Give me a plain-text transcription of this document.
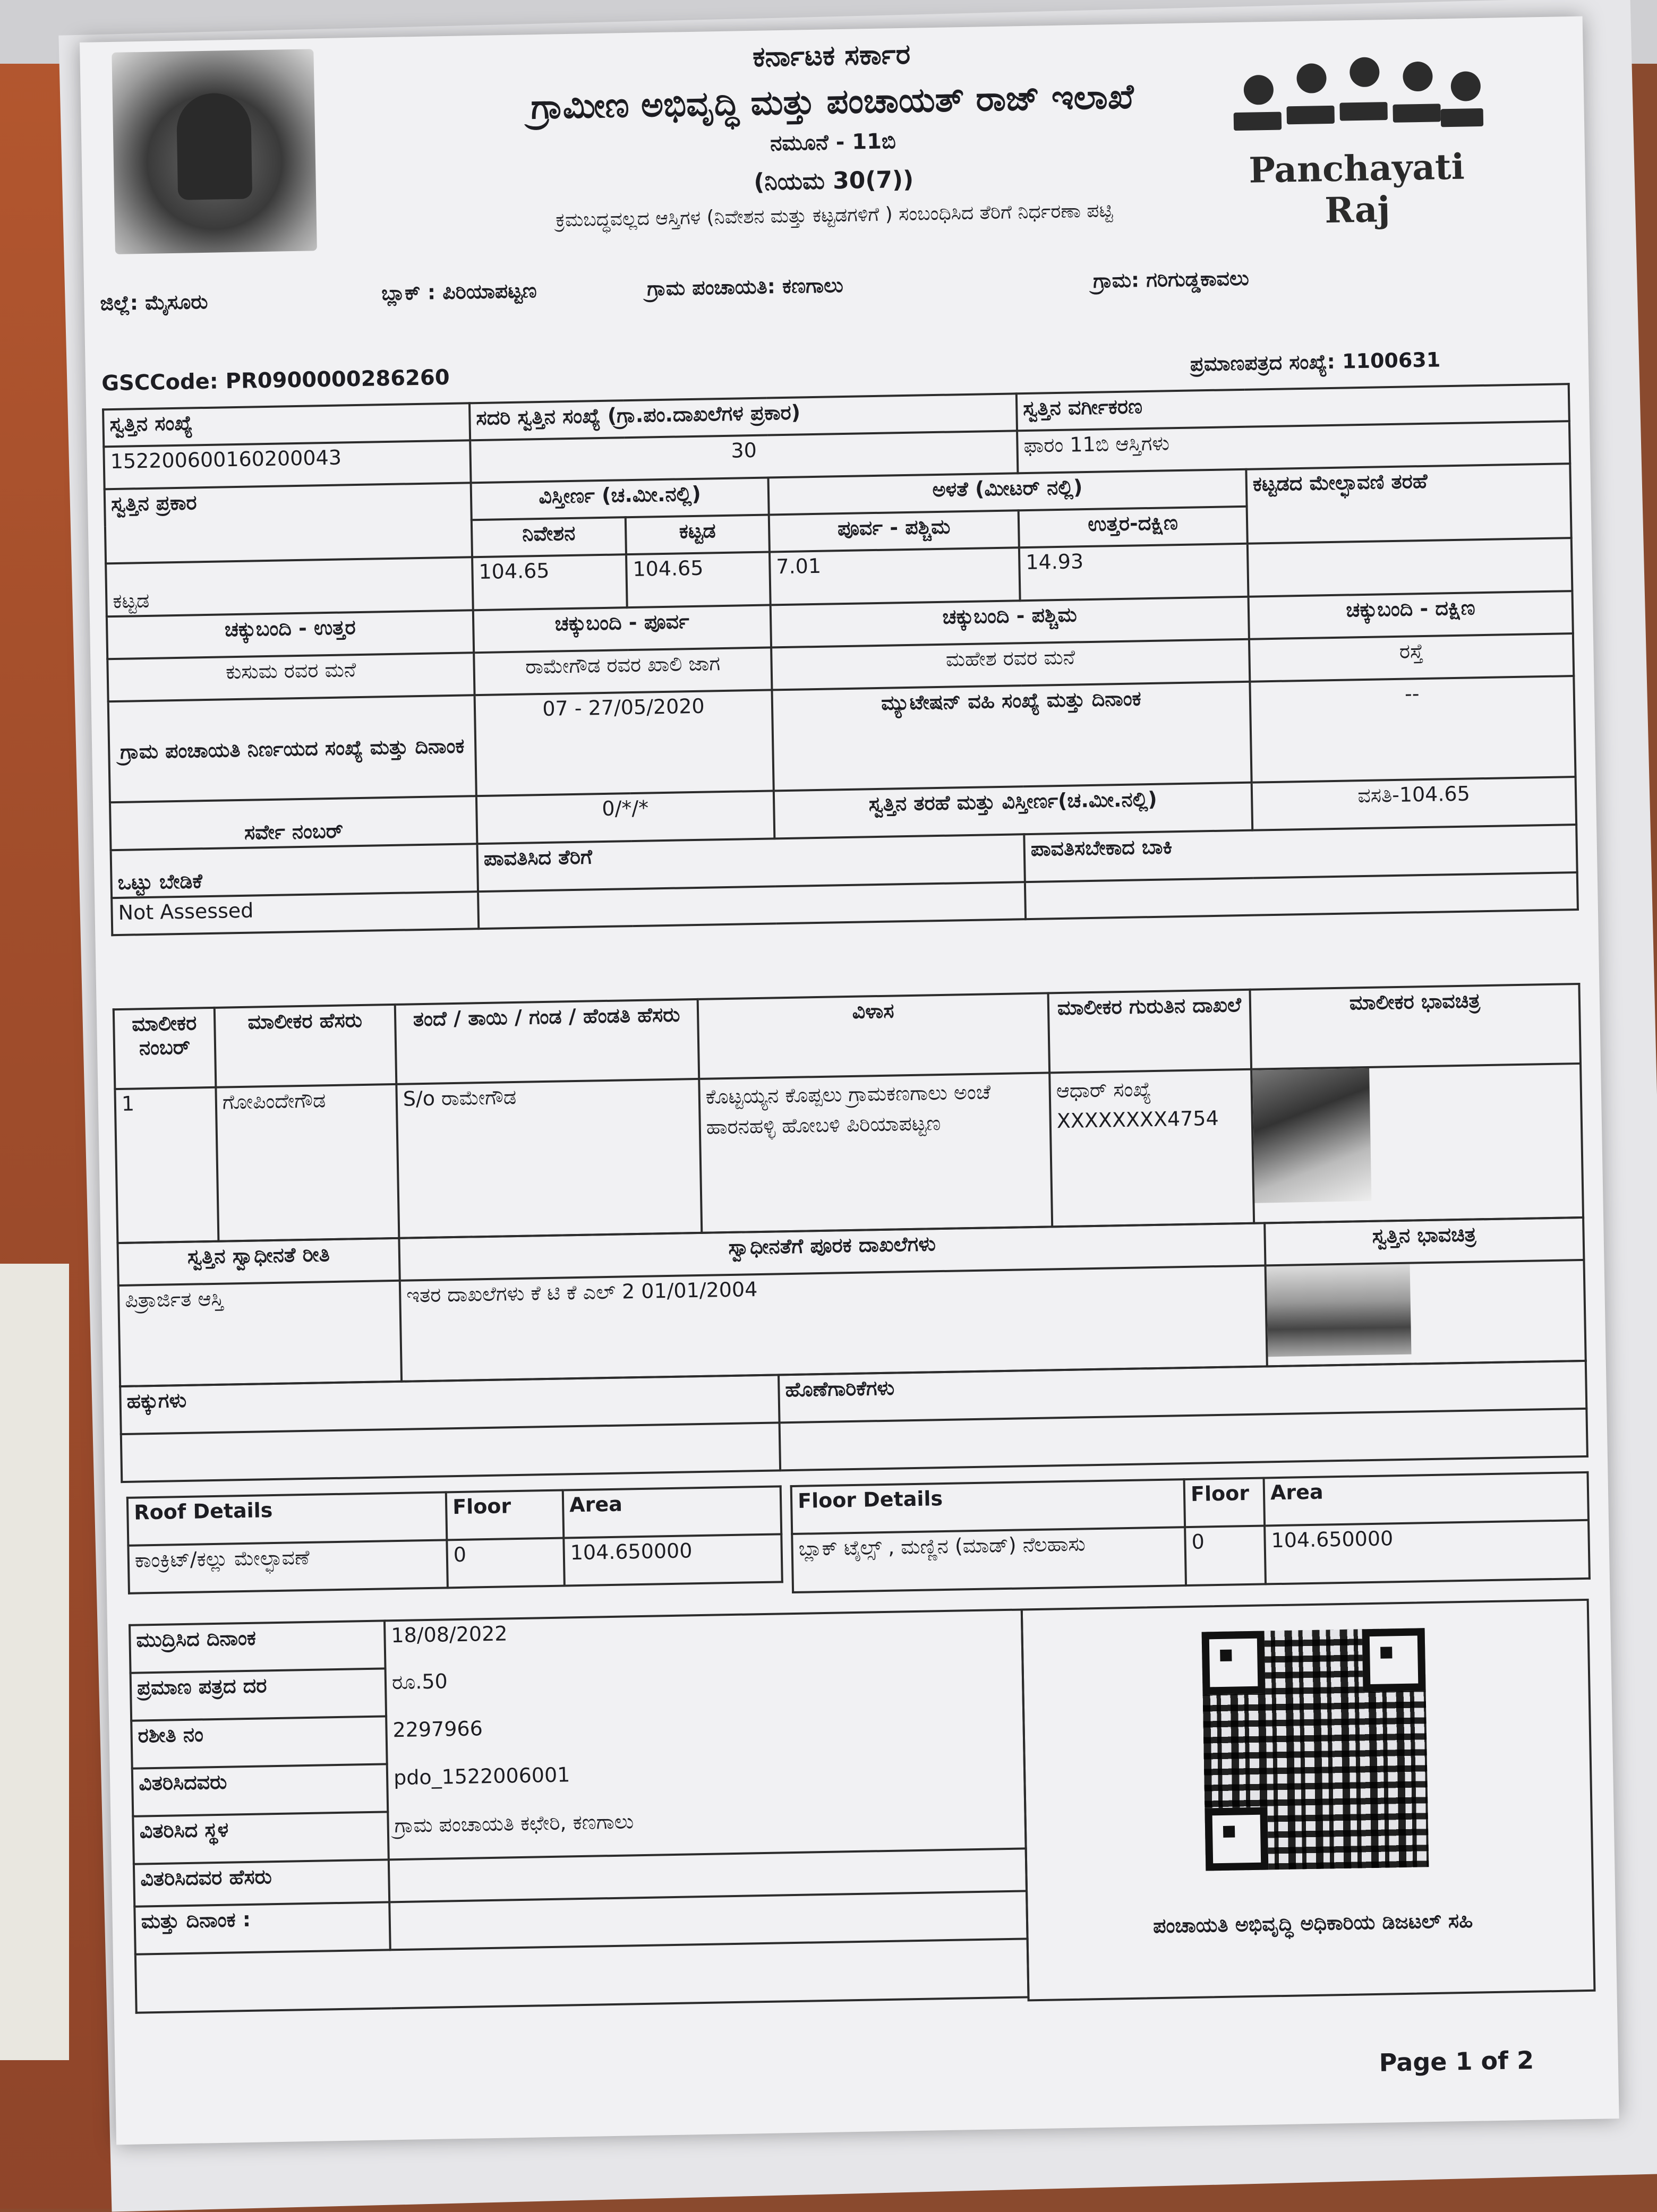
ಕರ್ನಾಟಕ ಸರ್ಕಾರ
ಗ್ರಾಮೀಣ ಅಭಿವೃದ್ಧಿ ಮತ್ತು ಪಂಚಾಯತ್ ರಾಜ್ ಇಲಾಖೆ
ನಮೂನೆ - 11ಬಿ
(ನಿಯಮ 30(7))
ಕ್ರಮಬದ್ಧವಲ್ಲದ ಆಸ್ತಿಗಳ (ನಿವೇಶನ ಮತ್ತು ಕಟ್ಟಡಗಳಿಗೆ ) ಸಂಬಂಧಿಸಿದ ತೆರಿಗೆ ನಿರ್ಧರಣಾ ಪಟ್ಟಿ
Panchayati Raj
ಜಿಲ್ಲೆ: ಮೈಸೂರು	ಬ್ಲಾಕ್ : ಪಿರಿಯಾಪಟ್ಟಣ	ಗ್ರಾಮ ಪಂಚಾಯತಿ: ಕಣಗಾಲು	ಗ್ರಾಮ: ಗರಿಗುಡ್ಡಕಾವಲು
GSCCode: PR0900000286260
ಪ್ರಮಾಣಪತ್ರದ ಸಂಖ್ಯೆ: 1100631
ಸ್ವತ್ತಿನ ಸಂಖ್ಯೆ	ಸದರಿ ಸ್ವತ್ತಿನ ಸಂಖ್ಯೆ (ಗ್ರಾ.ಪಂ.ದಾಖಲೆಗಳ ಪ್ರಕಾರ)			ಸ್ವತ್ತಿನ ವರ್ಗೀಕರಣ	
152200600160200043	30			ಫಾರಂ 11ಬಿ ಆಸ್ತಿಗಳು	
ಸ್ವತ್ತಿನ ಪ್ರಕಾರ	ವಿಸ್ತೀರ್ಣ (ಚ.ಮೀ.ನಲ್ಲಿ)		ಅಳತೆ (ಮೀಟರ್ ನಲ್ಲಿ)		ಕಟ್ಟಡದ ಮೇಲ್ಛಾವಣಿ ತರಹೆ
	ನಿವೇಶನ	ಕಟ್ಟಡ	ಪೂರ್ವ - ಪಶ್ಚಿಮ	ಉತ್ತರ-ದಕ್ಷಿಣ	
ಕಟ್ಟಡ	104.65	104.65	7.01	14.93	
ಚಕ್ಕುಬಂದಿ - ಉತ್ತರ	ಚಕ್ಕುಬಂದಿ - ಪೂರ್ವ		ಚಕ್ಕುಬಂದಿ - ಪಶ್ಚಿಮ		ಚಕ್ಕುಬಂದಿ - ದಕ್ಷಿಣ
ಕುಸುಮ ರವರ ಮನೆ	ರಾಮೇಗೌಡ ರವರ ಖಾಲಿ ಜಾಗ		ಮಹೇಶ ರವರ ಮನೆ		ರಸ್ತೆ
ಗ್ರಾಮ ಪಂಚಾಯತಿ ನಿರ್ಣಯದ ಸಂಖ್ಯೆ ಮತ್ತು ದಿನಾಂಕ	07 - 27/05/2020		ಮ್ಯುಟೇಷನ್ ವಹಿ ಸಂಖ್ಯೆ ಮತ್ತು ದಿನಾಂಕ		--
ಸರ್ವೇ ನಂಬರ್	0/*/*		ಸ್ವತ್ತಿನ ತರಹೆ ಮತ್ತು ವಿಸ್ತೀರ್ಣ(ಚ.ಮೀ.ನಲ್ಲಿ)		ವಸತಿ-104.65
ಒಟ್ಟು ಬೇಡಿಕೆ	ಪಾವತಿಸಿದ ತೆರಿಗೆ			ಪಾವತಿಸಬೇಕಾದ ಬಾಕಿ	
Not Assessed					
ಮಾಲೀಕರ ನಂಬರ್	ಮಾಲೀಕರ ಹೆಸರು	ತಂದೆ / ತಾಯಿ / ಗಂಡ / ಹೆಂಡತಿ ಹೆಸರು	ವಿಳಾಸ	ಮಾಲೀಕರ ಗುರುತಿನ ದಾಖಲೆ	ಮಾಲೀಕರ ಭಾವಚಿತ್ರ
1	ಗೋಪಿಂದೇಗೌಡ	S/o ರಾಮೇಗೌಡ	ಕೊಟ್ಟಯ್ಯನ ಕೊಪ್ಪಲು ಗ್ರಾಮಕಣಗಾಲು ಅಂಚೆ ಹಾರನಹಳ್ಳಿ ಹೋಬಳಿ ಪಿರಿಯಾಪಟ್ಟಣ	ಆಧಾರ್ ಸಂಖ್ಯೆ
XXXXXXXX4754	

ಸ್ವತ್ತಿನ ಸ್ವಾಧೀನತೆ ರೀತಿ	ಸ್ವಾಧೀನತೆಗೆ ಪೂರಕ ದಾಖಲೆಗಳು	ಸ್ವತ್ತಿನ ಭಾವಚಿತ್ರ
ಪಿತ್ರಾರ್ಜಿತ ಆಸ್ತಿ	ಇತರ ದಾಖಲೆಗಳು ಕೆ ಟಿ ಕೆ ಎಲ್ 2 01/01/2004	
ಹಕ್ಕುಗಳು	ಹೊಣೆಗಾರಿಕೆಗಳು

Roof Details	Floor	Area
ಕಾಂಕ್ರಿಟ್/ಕಲ್ಲು ಮೇಲ್ಛಾವಣೆ	0	104.650000
Floor Details	Floor	Area
ಬ್ಲಾಕ್ ಟೈಲ್ಸ್ , ಮಣ್ಣಿನ (ಮಾಡ್) ನೆಲಹಾಸು	0	104.650000
ಮುದ್ರಿಸಿದ ದಿನಾಂಕ	18/08/2022
ಪ್ರಮಾಣ ಪತ್ರದ ದರ	ರೂ.50
ರಶೀತಿ ನಂ	2297966
ವಿತರಿಸಿದವರು	pdo_1522006001
ವಿತರಿಸಿದ ಸ್ಥಳ	ಗ್ರಾಮ ಪಂಚಾಯತಿ ಕಛೇರಿ, ಕಣಗಾಲು
ವಿತರಿಸಿದವರ ಹೆಸರು	
ಮತ್ತು ದಿನಾಂಕ :		ಪಂಚಾಯತಿ ಅಭಿವೃದ್ಧಿ ಅಧಿಕಾರಿಯ ಡಿಜಟಲ್ ಸಹಿ
Page 1 of 2
